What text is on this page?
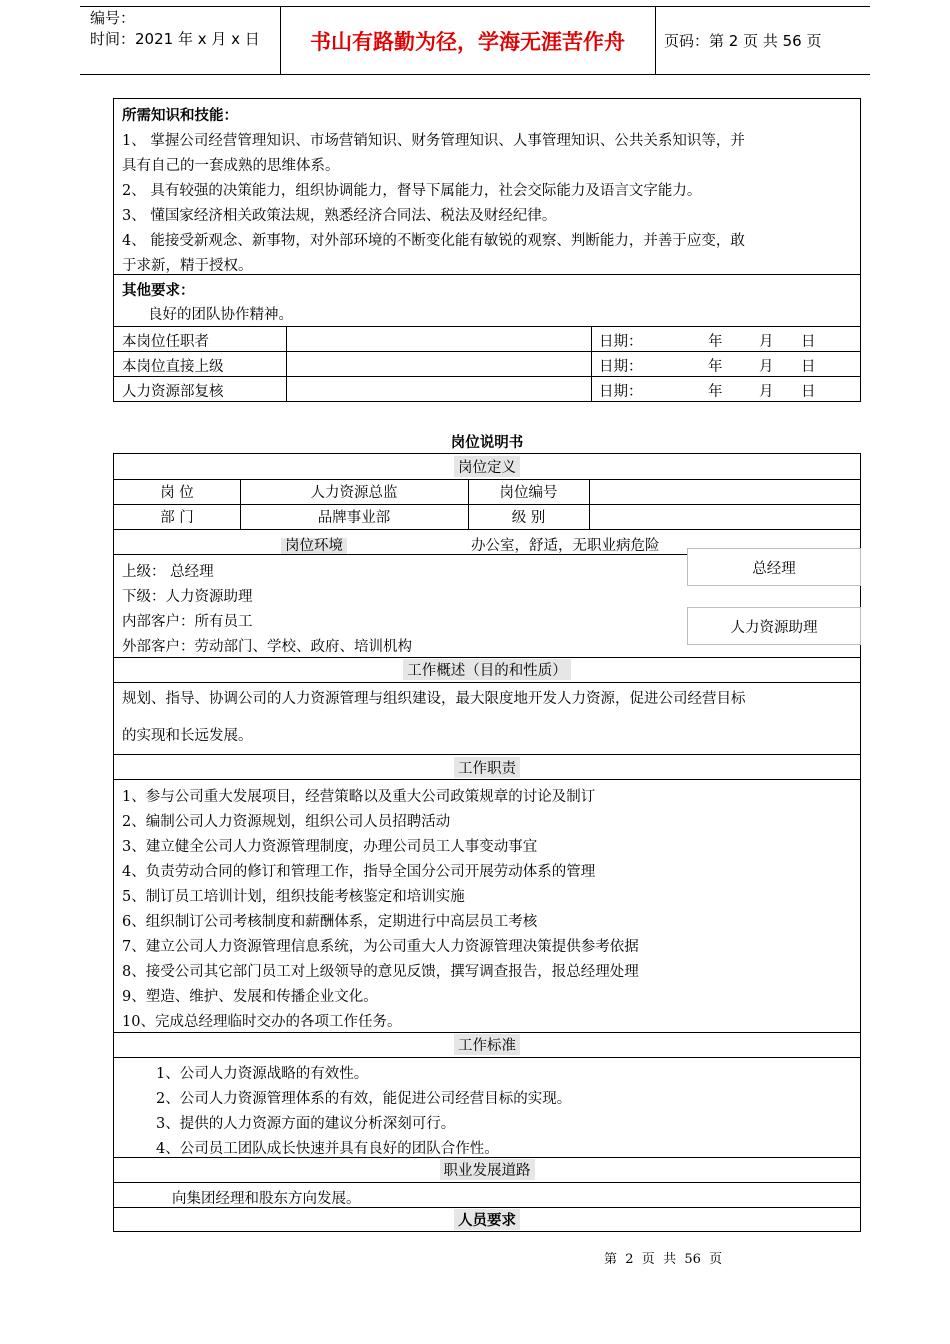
编号：
时间：2021 年 x 月 x 日	书山有路勤为径，学海无涯苦作舟	页码：第 2 页 共 56 页
所需知识和技能：
1、 掌握公司经营管理知识、市场营销知识、财务管理知识、人事管理知识、公共关系知识等，并
具有自己的一套成熟的思维体系。
2、 具有较强的决策能力，组织协调能力，督导下属能力，社会交际能力及语言文字能力。
3、 懂国家经济相关政策法规，熟悉经济合同法、税法及财经纪律。
4、 能接受新观念、新事物，对外部环境的不断变化能有敏锐的观察、判断能力，并善于应变，敢
于求新，精于授权。
其他要求：
良好的团队协作精神。
本岗位任职者	日期：	年	月 日
本岗位直接上级	日期：	年	月 日
人力资源部复核	日期：	年	月 日
岗位说明书
岗位定义
岗 位	人力资源总监	岗位编号
部 门	品牌事业部	级 别
岗位环境	办公室，舒适，无职业病危险
上级： 总经理
下级：人力资源助理
内部客户：所有员工
外部客户：劳动部门、学校、政府、培训机构
工作概述（目的和性质）
规划、指导、协调公司的人力资源管理与组织建设，最大限度地开发人力资源，促进公司经营目标
的实现和长远发展。
工作职责
1、参与公司重大发展项目，经营策略以及重大公司政策规章的讨论及制订
2、编制公司人力资源规划，组织公司人员招聘活动
3、建立健全公司人力资源管理制度，办理公司员工人事变动事宜
4、负责劳动合同的修订和管理工作，指导全国分公司开展劳动体系的管理
5、制订员工培训计划，组织技能考核鉴定和培训实施
6、组织制订公司考核制度和薪酬体系，定期进行中高层员工考核
7、建立公司人力资源管理信息系统，为公司重大人力资源管理决策提供参考依据
8、接受公司其它部门员工对上级领导的意见反馈，撰写调查报告，报总经理处理
9、塑造、维护、发展和传播企业文化。
10、完成总经理临时交办的各项工作任务。
工作标准
1、公司人力资源战略的有效性。
2、公司人力资源管理体系的有效，能促进公司经营目标的实现。
3、提供的人力资源方面的建议分析深刻可行。
4、公司员工团队成长快速并具有良好的团队合作性。
职业发展道路
向集团经理和股东方向发展。
人员要求
总经理
人力资源助理
第  2  页  共  56  页
